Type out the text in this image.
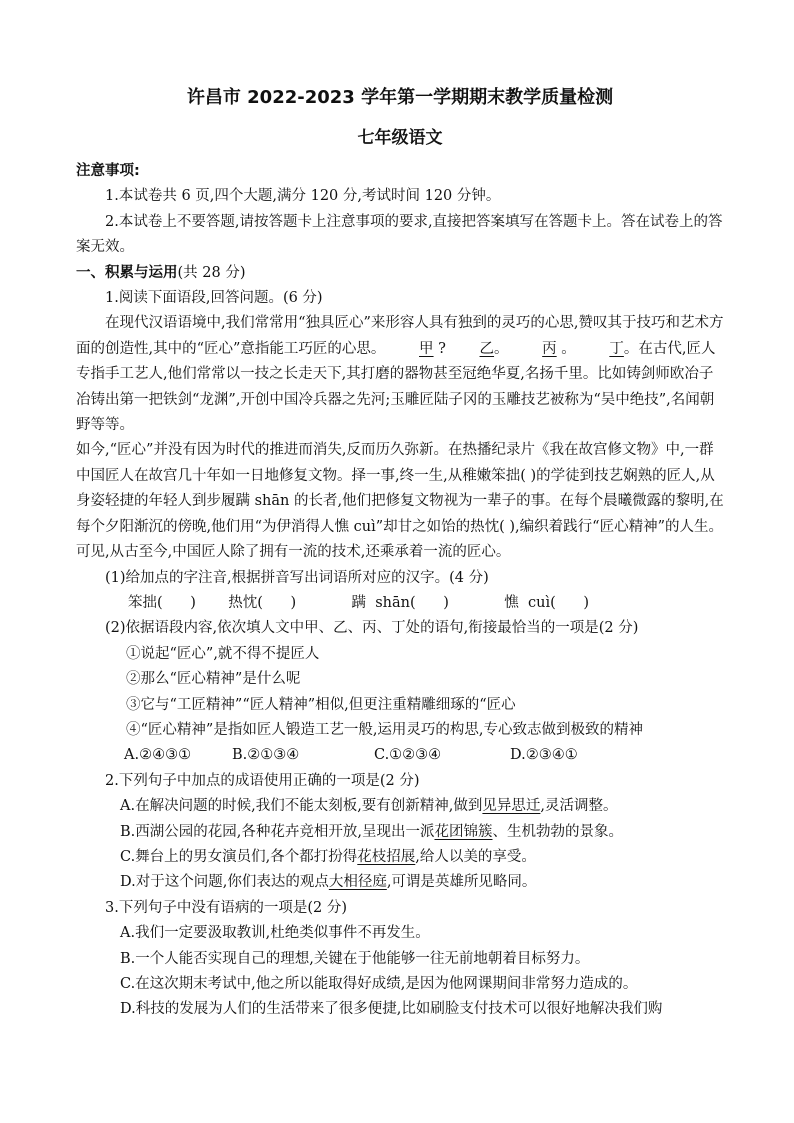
许昌市 2022-2023 学年第一学期期末教学质量检测
七年级语文
注意事项:
1.本试卷共 6 页,四个大题,满分 120 分,考试时间 120 分钟。
2.本试卷上不要答题,请按答题卡上注意事项的要求,直接把答案填写在答题卡上。答在试卷上的答案无效。
一、积累与运用(共 28 分)
1.阅读下面语段,回答问题。(6 分)
在现代汉语语境中,我们常常用“独具匠心”来形容人具有独到的灵巧的心思,赞叹其于技巧和艺术方面的创造性,其中的“匠心”意指能工巧匠的心思。 甲 ? 乙。 丙 。 丁。在古代,匠人专指手工艺人,他们常常以一技之长走天下,其打磨的器物甚至冠绝华夏,名扬千里。比如铸剑师欧冶子冶铸出第一把铁剑“龙渊”,开创中国冷兵器之先河;玉雕匠陆子冈的玉雕技艺被称为“吴中绝技”,名闻朝野等等。
如今,“匠心”并没有因为时代的推进而消失,反而历久弥新。在热播纪录片《我在故宫修文物》中,一群中国匠人在故宫几十年如一日地修复文物。择一事,终一生,从稚嫩笨拙( )的学徒到技艺娴熟的匠人,从身姿轻捷的年轻人到步履蹒 shān 的长者,他们把修复文物视为一辈子的事。在每个晨曦微露的黎明,在每个夕阳渐沉的傍晚,他们用“为伊消得人憔 cuì”却甘之如饴的热忱( ),编织着践行“匠心精神”的人生。可见,从古至今,中国匠人除了拥有一流的技术,还乘承着一流的匠心。
(1)给加点的字注音,根据拼音写出词语所对应的汉字。(4 分)
笨拙(      )       热忱(      )            蹒  shān(      )            憔  cuì(      )
(2)依据语段内容,依次填人文中甲、乙、丙、丁处的语句,衔接最恰当的一项是(2 分)
①说起“匠心”,就不得不提匠人
②那么“匠心精神”是什么呢
③它与“工匠精神”“匠人精神”相似,但更注重精雕细琢的“匠心
④“匠心精神”是指如匠人锻造工艺一般,运用灵巧的构思,专心致志做到极致的精神
A.②④③①	B.②①③④	C.①②③④	D.②③④①
2.下列句子中加点的成语使用正确的一项是(2 分)
A.在解决问题的时候,我们不能太刻板,要有创新精神,做到见异思迁,灵活调整。
B.西湖公园的花园,各种花卉竞相开放,呈现出一派花团锦簇、生机勃勃的景象。
C.舞台上的男女演员们,各个都打扮得花枝招展,给人以美的享受。
D.对于这个问题,你们表达的观点大相径庭,可谓是英雄所见略同。
3.下列句子中没有语病的一项是(2 分)
A.我们一定要汲取教训,杜绝类似事件不再发生。
B.一个人能否实现自己的理想,关键在于他能够一往无前地朝着目标努力。
C.在这次期末考试中,他之所以能取得好成绩,是因为他网课期间非常努力造成的。
D.科技的发展为人们的生活带来了很多便捷,比如刷脸支付技术可以很好地解决我们购
